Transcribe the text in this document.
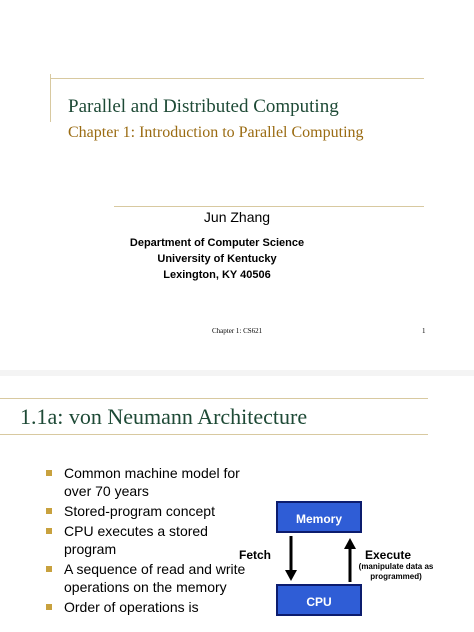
Parallel and Distributed Computing
Chapter 1: Introduction to Parallel Computing
Jun Zhang
Department of Computer Science
University of Kentucky
Lexington, KY 40506
Chapter 1: CS621	1
1.1a: von Neumann Architecture
Common machine model for over 70 years
Stored-program concept
CPU executes a stored program
A sequence of read and write operations on the memory
Order of operations is
Memory
CPU
Fetch	Execute
(manipulate data as programmed)
